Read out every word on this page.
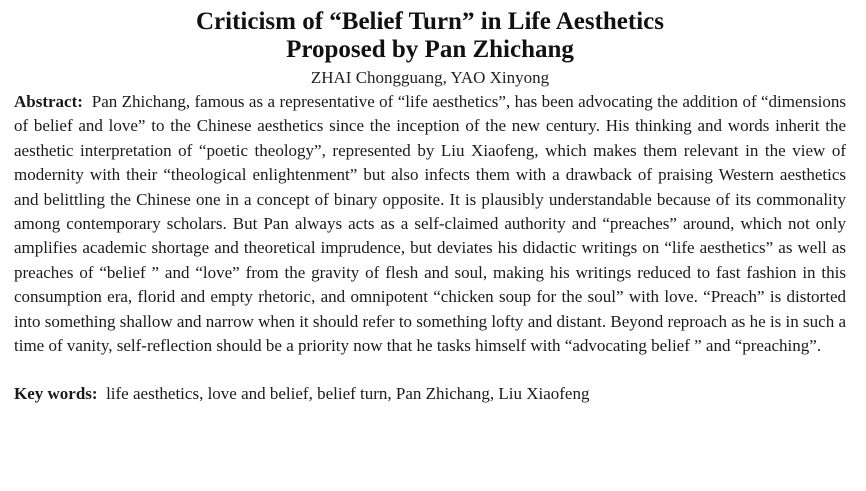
Criticism of “Belief Turn” in Life Aesthetics
Proposed by Pan Zhichang
ZHAI Chongguang, YAO Xinyong
Abstract: Pan Zhichang, famous as a representative of “life aesthetics”, has been advocating the addition of “dimensions of belief and love” to the Chinese aesthetics since the inception of the new century. His thinking and words inherit the aesthetic interpretation of “poetic theology”, represented by Liu Xiaofeng, which makes them relevant in the view of modernity with their “theological enlightenment” but also infects them with a drawback of praising Western aesthetics and belittling the Chinese one in a concept of binary opposite. It is plausibly understandable because of its commonality among contemporary scholars. But Pan always acts as a self-claimed authority and “preaches” around, which not only amplifies academic shortage and theoretical imprudence, but deviates his didactic writings on “life aesthetics” as well as preaches of “belief ” and “love” from the gravity of flesh and soul, making his writings reduced to fast fashion in this consumption era, florid and empty rhetoric, and omnipotent “chicken soup for the soul” with love. “Preach” is distorted into something shallow and narrow when it should refer to something lofty and distant. Beyond reproach as he is in such a time of vanity, self-reflection should be a priority now that he tasks himself with “advocating belief ” and “preaching”.
Key words: life aesthetics, love and belief, belief turn, Pan Zhichang, Liu Xiaofeng
